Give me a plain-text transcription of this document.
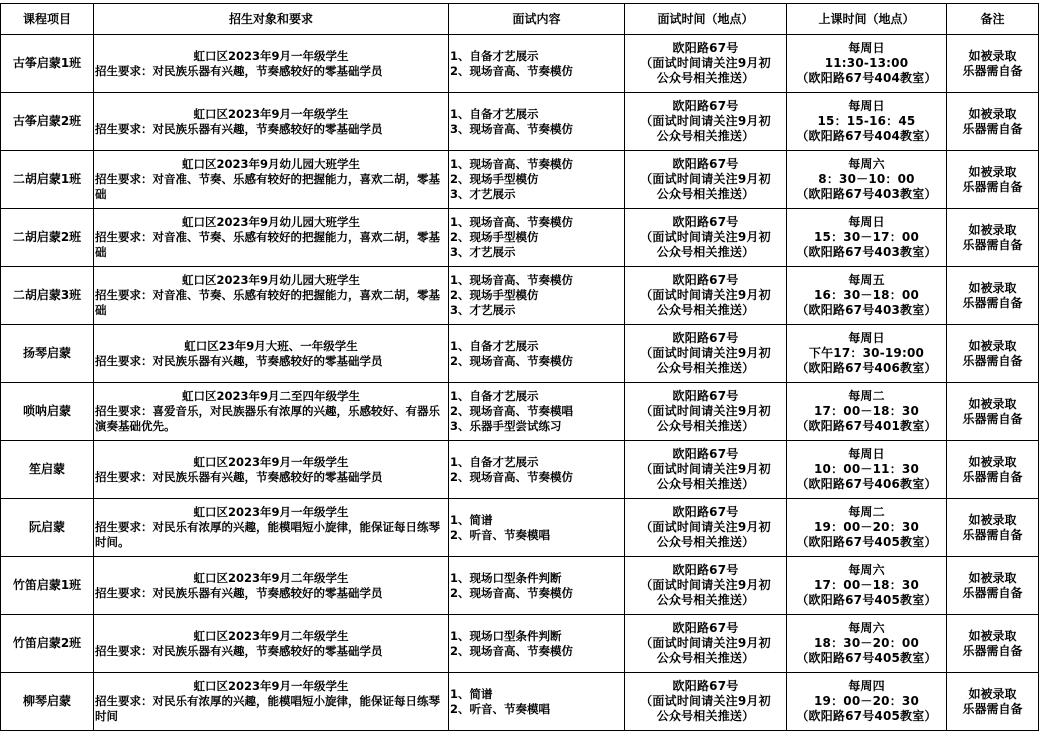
课程项目	招生对象和要求	面试内容	面试时间（地点）	上课时间（地点）	备注
古筝启蒙1班	虹口区2023年9月一年级学生
招生要求：对民族乐器有兴趣，节奏感较好的零基础学员	1、自备才艺展示
2、现场音高、节奏模仿	欧阳路67号
（面试时间请关注9月初
公众号相关推送）	每周日
11:30-13:00
（欧阳路67号404教室）	如被录取
乐器需自备

古筝启蒙2班	虹口区2023年9月一年级学生
招生要求：对民族乐器有兴趣，节奏感较好的零基础学员	1、自备才艺展示
3、现场音高、节奏模仿	欧阳路67号
（面试时间请关注9月初
公众号相关推送）	每周日
15：15-16：45
（欧阳路67号404教室）	如被录取
乐器需自备

二胡启蒙1班	虹口区2023年9月幼儿园大班学生
招生要求：对音准、节奏、乐感有较好的把握能力，喜欢二胡，零基础	1、现场音高、节奏模仿
2、现场手型模仿
3、才艺展示	欧阳路67号
（面试时间请关注9月初
公众号相关推送）	每周六
8：30－10：00
（欧阳路67号403教室）	如被录取
乐器需自备

二胡启蒙2班	虹口区2023年9月幼儿园大班学生
招生要求：对音准、节奏、乐感有较好的把握能力，喜欢二胡，零基础	1、现场音高、节奏模仿
2、现场手型模仿
3、才艺展示	欧阳路67号
（面试时间请关注9月初
公众号相关推送）	每周日
15：30－17：00
（欧阳路67号403教室）	如被录取
乐器需自备

二胡启蒙3班	虹口区2023年9月幼儿园大班学生
招生要求：对音准、节奏、乐感有较好的把握能力，喜欢二胡，零基础	1、现场音高、节奏模仿
2、现场手型模仿
3、才艺展示	欧阳路67号
（面试时间请关注9月初
公众号相关推送）	每周五
16：30－18：00
（欧阳路67号403教室）	如被录取
乐器需自备

扬琴启蒙	虹口区23年9月大班、一年级学生
招生要求：对民族乐器有兴趣，节奏感较好的零基础学员	1、自备才艺展示
2、现场音高、节奏模仿	欧阳路67号
（面试时间请关注9月初
公众号相关推送）	每周日
下午17：30-19:00
（欧阳路67号406教室）	如被录取
乐器需自备

唢呐启蒙	虹口区2023年9月二至四年级学生
招生要求：喜爱音乐，对民族器乐有浓厚的兴趣，乐感较好、有器乐演奏基础优先。	1、自备才艺展示
2、现场音高、节奏模唱
3、乐器手型尝试练习	欧阳路67号
（面试时间请关注9月初
公众号相关推送）	每周二
17：00－18：30
（欧阳路67号401教室）	如被录取
乐器需自备

笙启蒙	虹口区2023年9月一年级学生
招生要求：对民族乐器有兴趣，节奏感较好的零基础学员	1、自备才艺展示
2、现场音高、节奏模仿	欧阳路67号
（面试时间请关注9月初
公众号相关推送）	每周日
10：00－11：30
（欧阳路67号406教室）	如被录取
乐器需自备

阮启蒙	虹口区2023年9月一年级学生
招生要求：对民乐有浓厚的兴趣，能模唱短小旋律，能保证每日练琴时间。	1、简谱
2、听音、节奏模唱	欧阳路67号
（面试时间请关注9月初
公众号相关推送）	每周二
19：00－20：30
（欧阳路67号405教室）	如被录取
乐器需自备

竹笛启蒙1班	虹口区2023年9月二年级学生
招生要求：对民族乐器有兴趣，节奏感较好的零基础学员	1、现场口型条件判断
2、现场音高、节奏模仿	欧阳路67号
（面试时间请关注9月初
公众号相关推送）	每周六
17：00－18：30
（欧阳路67号405教室）	如被录取
乐器需自备

竹笛启蒙2班	虹口区2023年9月二年级学生
招生要求：对民族乐器有兴趣，节奏感较好的零基础学员	1、现场口型条件判断
2、现场音高、节奏模仿	欧阳路67号
（面试时间请关注9月初
公众号相关推送）	每周六
18：30－20：00
（欧阳路67号405教室）	如被录取
乐器需自备

柳琴启蒙	虹口区2023年9月一年级学生
招生要求：对民乐有浓厚的兴趣，能模唱短小旋律，能保证每日练琴时间	1、简谱
2、听音、节奏模唱	欧阳路67号
（面试时间请关注9月初
公众号相关推送）	每周四
19：00－20：30
（欧阳路67号405教室）	如被录取
乐器需自备
